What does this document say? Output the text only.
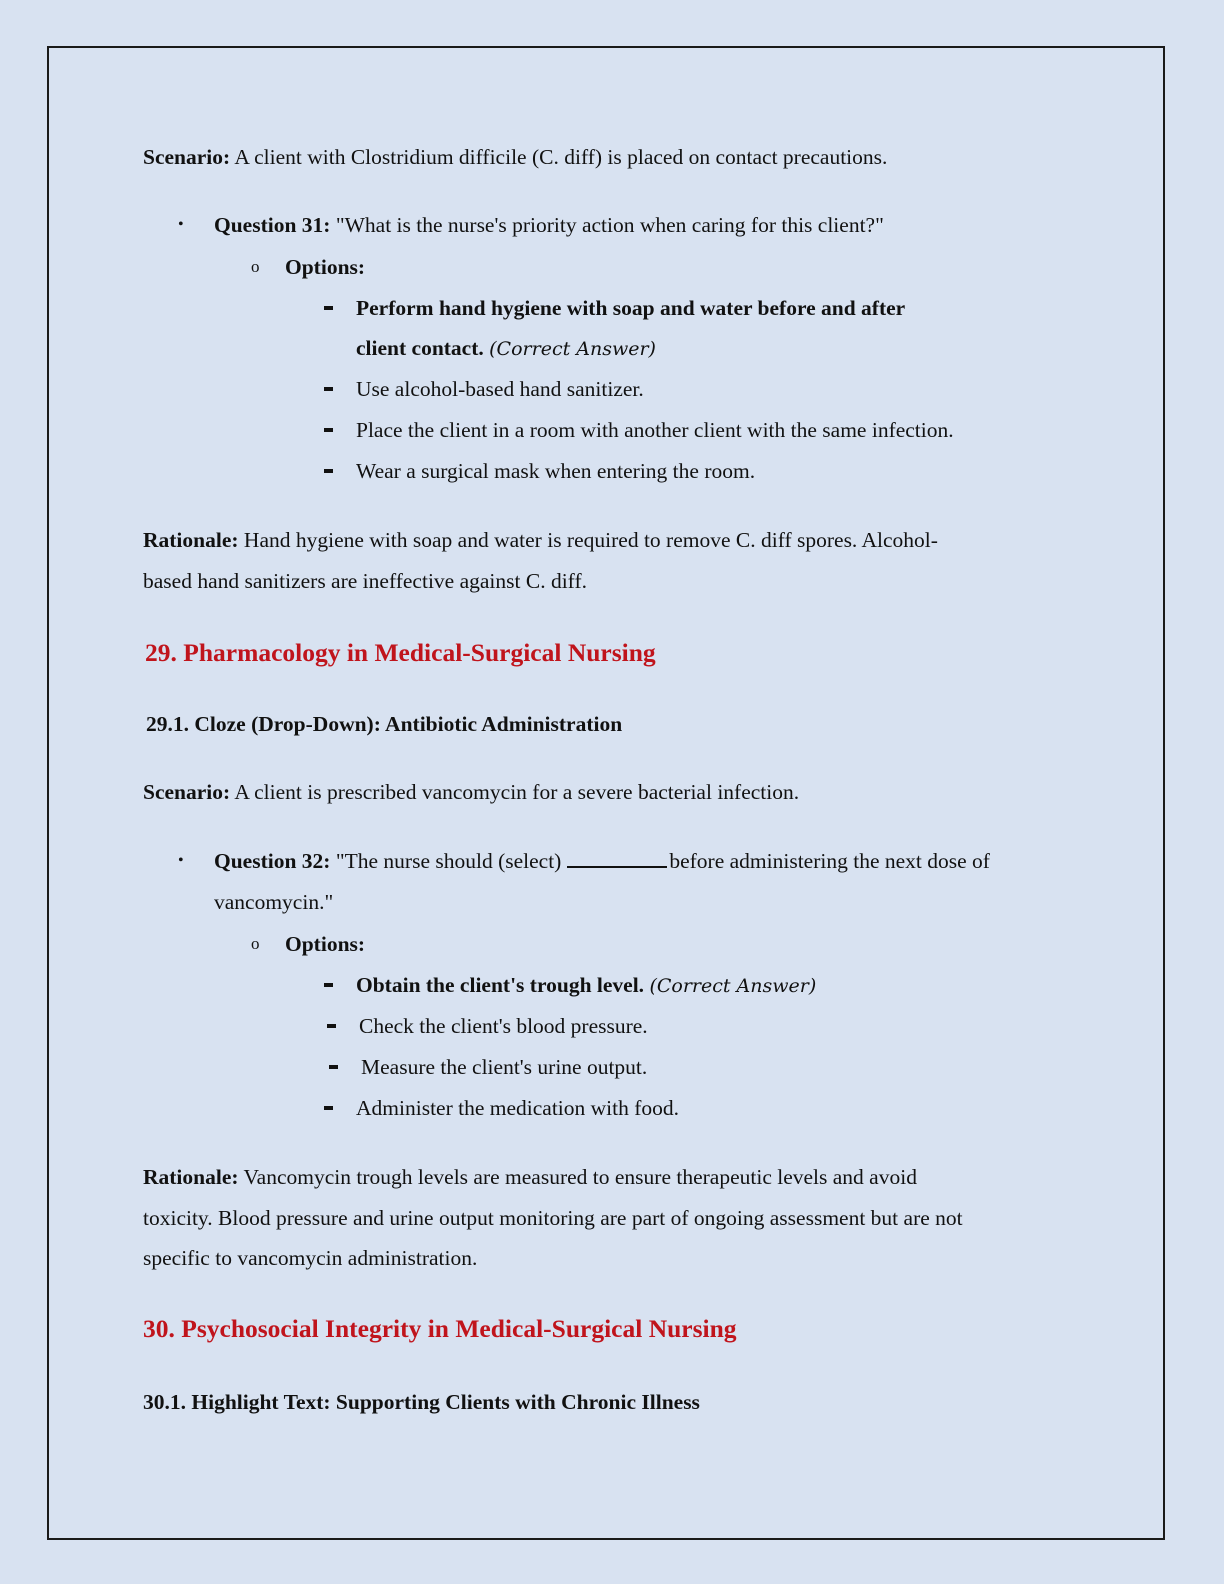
Scenario: A client with Clostridium difficile (C. diff) is placed on contact precautions.
• Question 31: "What is the nurse's priority action when caring for this client?"
o Options:
Perform hand hygiene with soap and water before and after
client contact. (Correct Answer)
Use alcohol-based hand sanitizer.
Place the client in a room with another client with the same infection.
Wear a surgical mask when entering the room.
Rationale: Hand hygiene with soap and water is required to remove C. diff spores. Alcohol-
based hand sanitizers are ineffective against C. diff.
29. Pharmacology in Medical-Surgical Nursing
29.1. Cloze (Drop-Down): Antibiotic Administration
Scenario: A client is prescribed vancomycin for a severe bacterial infection.
• Question 32: "The nurse should (select)	before administering the next dose of
vancomycin."
o Options:
Obtain the client's trough level. (Correct Answer)
Check the client's blood pressure.
Measure the client's urine output.
Administer the medication with food.
Rationale: Vancomycin trough levels are measured to ensure therapeutic levels and avoid
toxicity. Blood pressure and urine output monitoring are part of ongoing assessment but are not
specific to vancomycin administration.
30. Psychosocial Integrity in Medical-Surgical Nursing
30.1. Highlight Text: Supporting Clients with Chronic Illness
